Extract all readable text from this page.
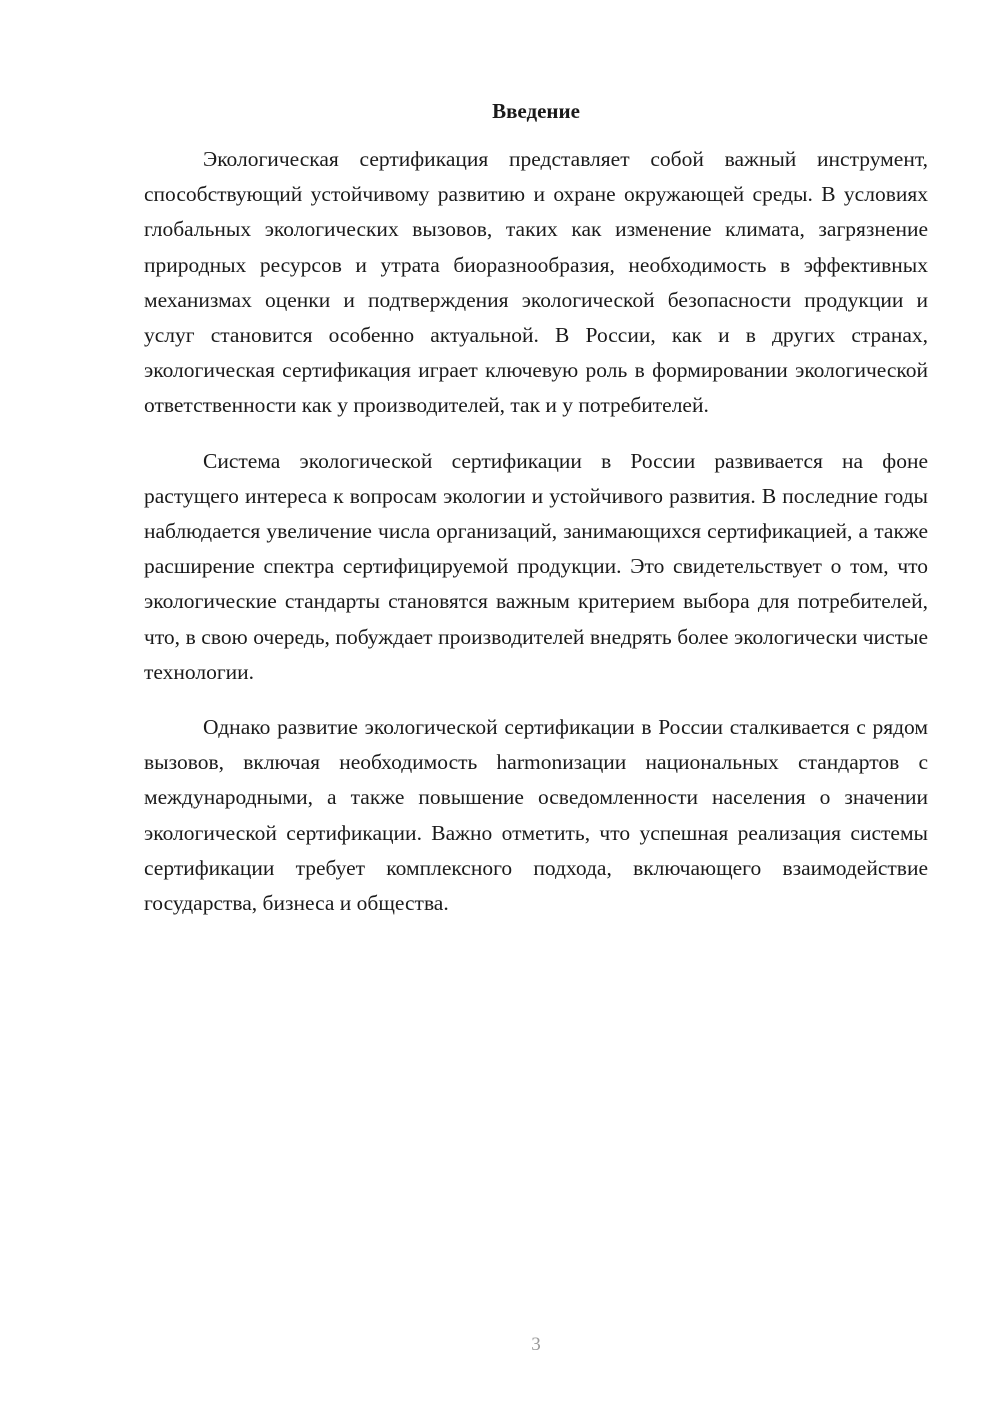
Введение

Экологическая сертификация представляет собой важный инструмент, способствующий устойчивому развитию и охране окружающей среды. В условиях глобальных экологических вызовов, таких как изменение климата, загрязнение природных ресурсов и утрата биоразнообразия, необходимость в эффективных механизмах оценки и подтверждения экологической безопасности продукции и услуг становится особенно актуальной. В России, как и в других странах, экологическая сертификация играет ключевую роль в формировании экологической ответственности как у производителей, так и у потребителей.

Система экологической сертификации в России развивается на фоне растущего интереса к вопросам экологии и устойчивого развития. В последние годы наблюдается увеличение числа организаций, занимающихся сертификацией, а также расширение спектра сертифицируемой продукции. Это свидетельствует о том, что экологические стандарты становятся важным критерием выбора для потребителей, что, в свою очередь, побуждает производителей внедрять более экологически чистые технологии.

Однако развитие экологической сертификации в России сталкивается с рядом вызовов, включая необходимость harmonизации национальных стандартов с международными, а также повышение осведомленности населения о значении экологической сертификации. Важно отметить, что успешная реализация системы сертификации требует комплексного подхода, включающего взаимодействие государства, бизнеса и общества.

3
